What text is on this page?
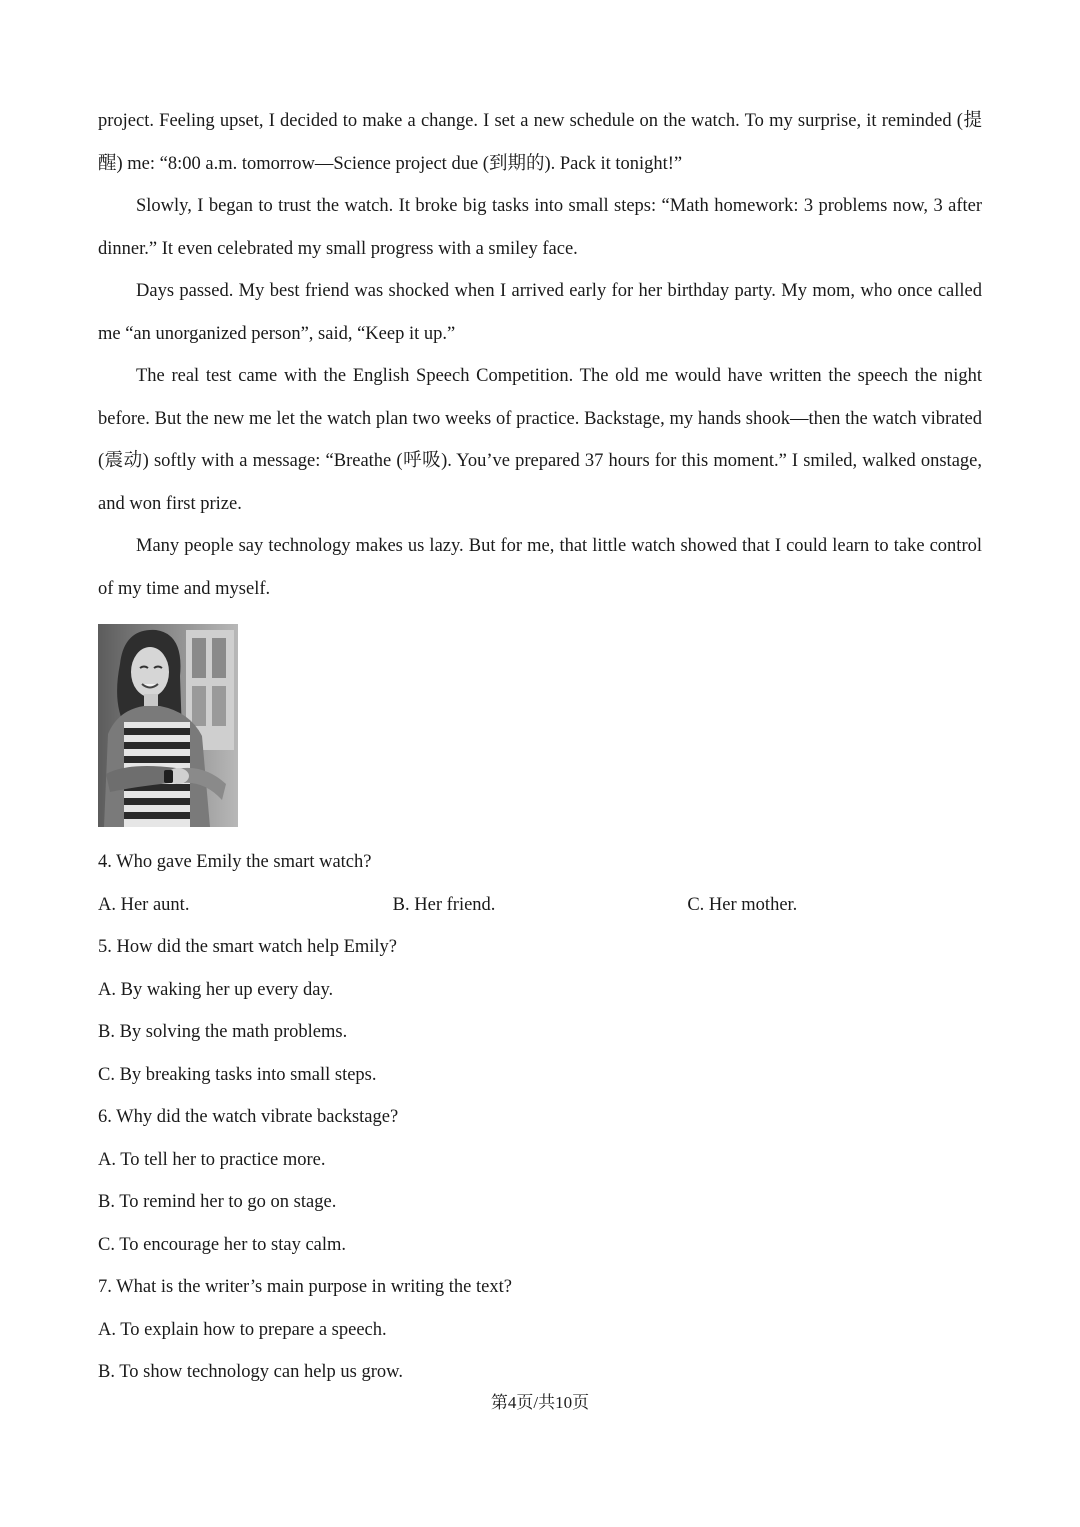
project. Feeling upset, I decided to make a change. I set a new schedule on the watch. To my surprise, it reminded (提醒) me: “8:00 a.m. tomorrow—Science project due (到期的). Pack it tonight!”

Slowly, I began to trust the watch. It broke big tasks into small steps: “Math homework: 3 problems now, 3 after dinner.” It even celebrated my small progress with a smiley face.

Days passed. My best friend was shocked when I arrived early for her birthday party. My mom, who once called me “an unorganized person”, said, “Keep it up.”

The real test came with the English Speech Competition. The old me would have written the speech the night before. But the new me let the watch plan two weeks of practice. Backstage, my hands shook—then the watch vibrated (震动) softly with a message: “Breathe (呼吸). You’ve prepared 37 hours for this moment.” I smiled, walked onstage, and won first prize.

Many people say technology makes us lazy. But for me, that little watch showed that I could learn to take control of my time and myself.

4. Who gave Emily the smart watch?

A. Her aunt.	B. Her friend.	C. Her mother.

5. How did the smart watch help Emily?

A. By waking her up every day.

B. By solving the math problems.

C. By breaking tasks into small steps.

6. Why did the watch vibrate backstage?

A. To tell her to practice more.

B. To remind her to go on stage.

C. To encourage her to stay calm.

7. What is the writer’s main purpose in writing the text?

A. To explain how to prepare a speech.

B. To show technology can help us grow.

第4页/共10页
